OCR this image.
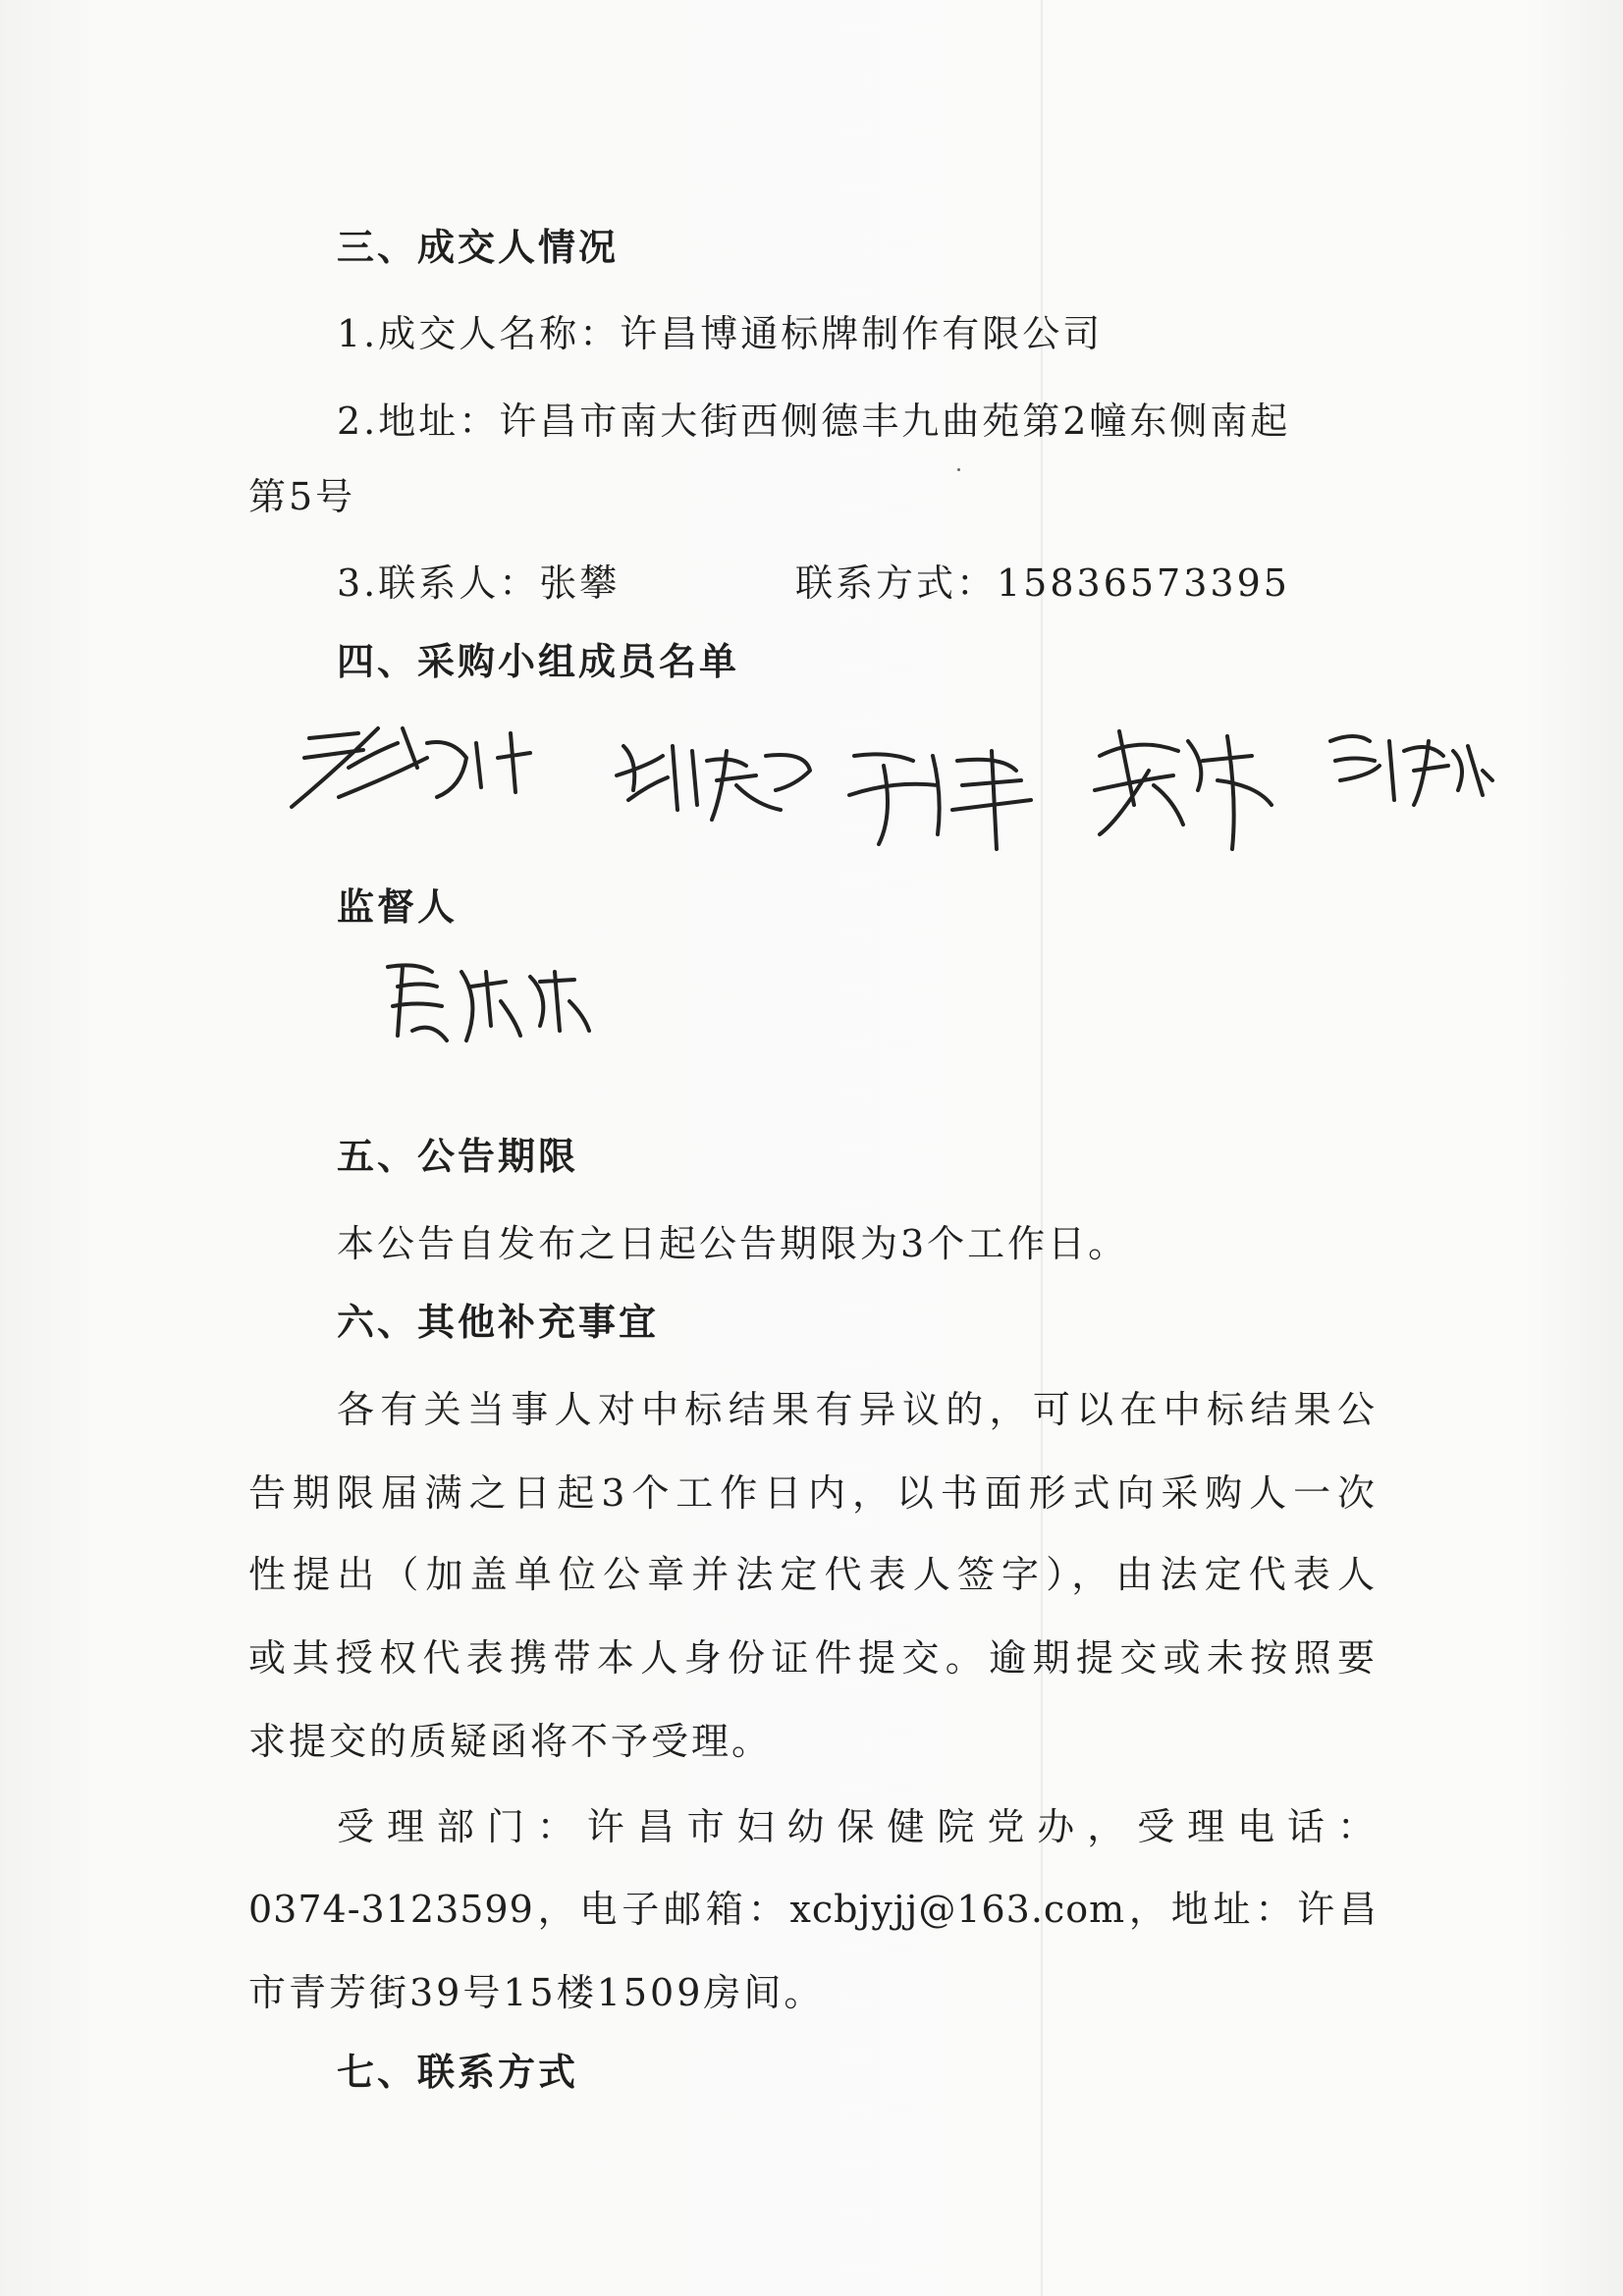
三、成交人情况
1.成交人名称：许昌博通标牌制作有限公司
2.地址：许昌市南大街西侧德丰九曲苑第2幢东侧南起
第5号
3.联系人：张攀	联系方式：15836573395
四、采购小组成员名单
监督人
五、公告期限
本公告自发布之日起公告期限为3个工作日。
六、其他补充事宜
各有关当事人对中标结果有异议的，可以在中标结果公
告期限届满之日起3个工作日内，以书面形式向采购人一次
性提出（加盖单位公章并法定代表人签字），由法定代表人
或其授权代表携带本人身份证件提交。逾期提交或未按照要
求提交的质疑函将不予受理。
受理部门：许昌市妇幼保健院党办，受理电话：
0374-3123599，电子邮箱：xcbjyjj@163.com，地址：许昌
市青芳街39号15楼1509房间。
七、联系方式
